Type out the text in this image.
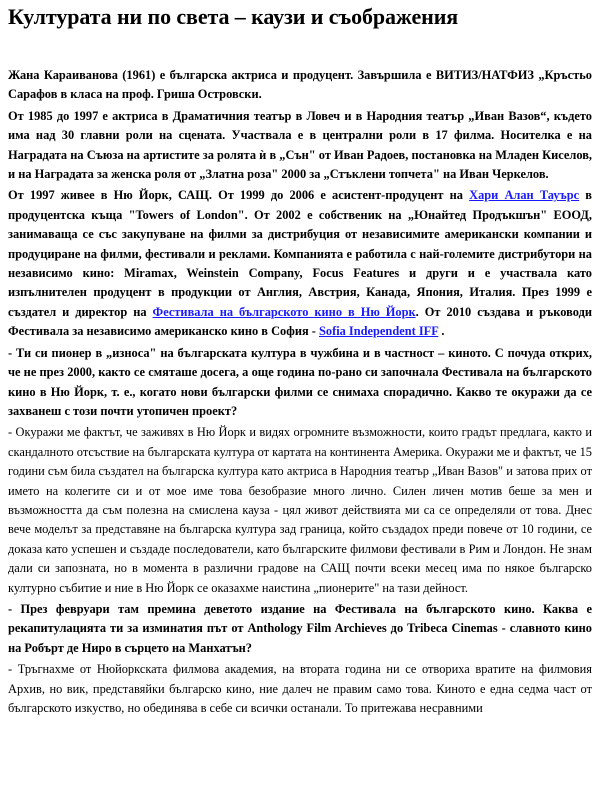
Културата ни по света – каузи и съображения

Жана Караиванова (1961) е българска актриса и продуцент. Завършила е ВИТИЗ/НАТФИЗ „Кръстьо Сарафов в класа на проф. Гриша Островски.

От 1985 до 1997 е актриса в Драматичния театър в Ловеч и в Народния театър „Иван Вазов“, където има над 30 главни роли на сцената. Участвала е в централни роли в 17 филма. Носителка е на Наградата на Съюза на артистите за ролята ѝ в „Сън" от Иван Радоев, постановка на Младен Киселов, и на Наградата за женска роля от „Златна роза" 2000 за „Стъклени топчета" на Иван Черкелов.

От 1997 живее в Ню Йорк, САЩ. От 1999 до 2006 е асистент-продуцент на Хари Алан Тауърс в продуцентска къща "Towers of London". От 2002 е собственик на „Юнайтед Продъкшън" ЕООД, занимаваща се със закупуване на филми за дистрибуция от независимите американски компании и продуциране на филми, фестивали и реклами. Компанията е работила с най-големите дистрибутори на независимо кино: Miramax, Weinstein Company, Focus Features и други и е участвала като изпълнителен продуцент в продукции от Англия, Австрия, Канада, Япония, Италия. През 1999 е създател и директор на Фестивала на българското кино в Ню Йорк. От 2010 създава и ръководи Фестивала за независимо американско кино в София - Sofia Independent IFF .

- Ти си пионер в „износа" на българската култура в чужбина и в частност – киното. С почуда открих, че не през 2000, както се смяташе досега, а още година по-рано си започнала Фестивала на българското кино в Ню Йорк, т. е., когато нови български филми се снимаха спорадично. Какво те окуражи да се захванеш с този почти утопичен проект?

- Окуражи ме фактът, че заживях в Ню Йорк и видях огромните възможности, които градът предлага, както и скандалното отсъствие на българската култура от картата на континента Америка. Окуражи ме и фактът, че 15 години съм била създател на българска култура като актриса в Народния театър „Иван Вазов" и затова прих от името на колегите си и от мое име това безобразие много лично. Силен личен мотив беше за мен и възможността да съм полезна на смислена кауза - цял живот действията ми са се определяли от това. Днес вече моделът за представяне на българска култура зад граница, който създадох преди повече от 10 години, се доказа като успешен и създаде последователи, като българските филмови фестивали в Рим и Лондон. Не знам дали си запозната, но в момента в различни градове на САЩ почти всеки месец има по някое българско културно събитие и ние в Ню Йорк се оказахме наистина „пионерите" на тази дейност.

- През февруари там премина деветото издание на Фестивала на българското кино. Каква е рекапитулацията ти за изминатия път от Anthology Film Archieves до Tribeca Cinemas - славното кино на Робърт де Ниро в сърцето на Манхатън?

- Тръгнахме от Нюйоркската филмова академия, на втората година ни се отвориха вратите на филмовия Архив, но вик, представяйки българско кино, ние далеч не правим само това. Киното е една седма част от българското изкуство, но обединява в себе си всички останали. То притежава несравними
